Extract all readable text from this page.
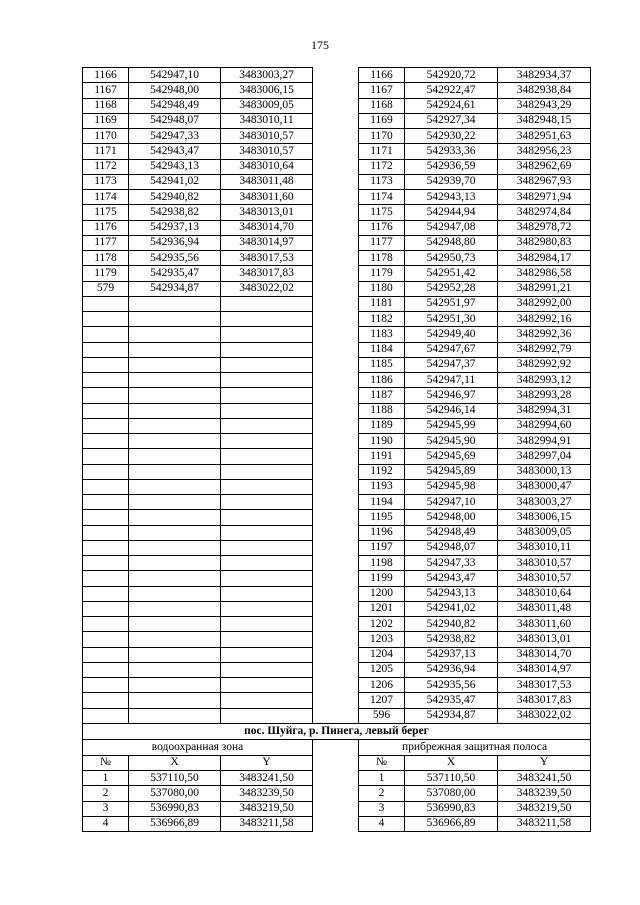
175
1166	542947,10	3483003,27		1166	542920,72	3482934,37
1167	542948,00	3483006,15		1167	542922,47	3482938,84
1168	542948,49	3483009,05		1168	542924,61	3482943,29
1169	542948,07	3483010,11		1169	542927,34	3482948,15
1170	542947,33	3483010,57		1170	542930,22	3482951,63
1171	542943,47	3483010,57		1171	542933,36	3482956,23
1172	542943,13	3483010,64		1172	542936,59	3482962,69
1173	542941,02	3483011,48		1173	542939,70	3482967,93
1174	542940,82	3483011,60		1174	542943,13	3482971,94
1175	542938,82	3483013,01		1175	542944,94	3482974,84
1176	542937,13	3483014,70		1176	542947,08	3482978,72
1177	542936,94	3483014,97		1177	542948,80	3482980,83
1178	542935,56	3483017,53		1178	542950,73	3482984,17
1179	542935,47	3483017,83		1179	542951,42	3482986,58
579	542934,87	3483022,02		1180	542952,28	3482991,21
				1181	542951,97	3482992,00
				1182	542951,30	3482992,16
				1183	542949,40	3482992,36
				1184	542947,67	3482992,79
				1185	542947,37	3482992,92
				1186	542947,11	3482993,12
				1187	542946,97	3482993,28
				1188	542946,14	3482994,31
				1189	542945,99	3482994,60
				1190	542945,90	3482994,91
				1191	542945,69	3482997,04
				1192	542945,89	3483000,13
				1193	542945,98	3483000,47
				1194	542947,10	3483003,27
				1195	542948,00	3483006,15
				1196	542948,49	3483009,05
				1197	542948,07	3483010,11
				1198	542947,33	3483010,57
				1199	542943,47	3483010,57
				1200	542943,13	3483010,64
				1201	542941,02	3483011,48
				1202	542940,82	3483011,60
				1203	542938,82	3483013,01
				1204	542937,13	3483014,70
				1205	542936,94	3483014,97
				1206	542935,56	3483017,53
				1207	542935,47	3483017,83
				596	542934,87	3483022,02
пос. Шуйга, р. Пинега, левый берег						
водоохранная зона				прибрежная защитная полоса		
№	X	Y		№	X	Y
1	537110,50	3483241,50		1	537110,50	3483241,50
2	537080,00	3483239,50		2	537080,00	3483239,50
3	536990,83	3483219,50		3	536990,83	3483219,50
4	536966,89	3483211,58		4	536966,89	3483211,58
